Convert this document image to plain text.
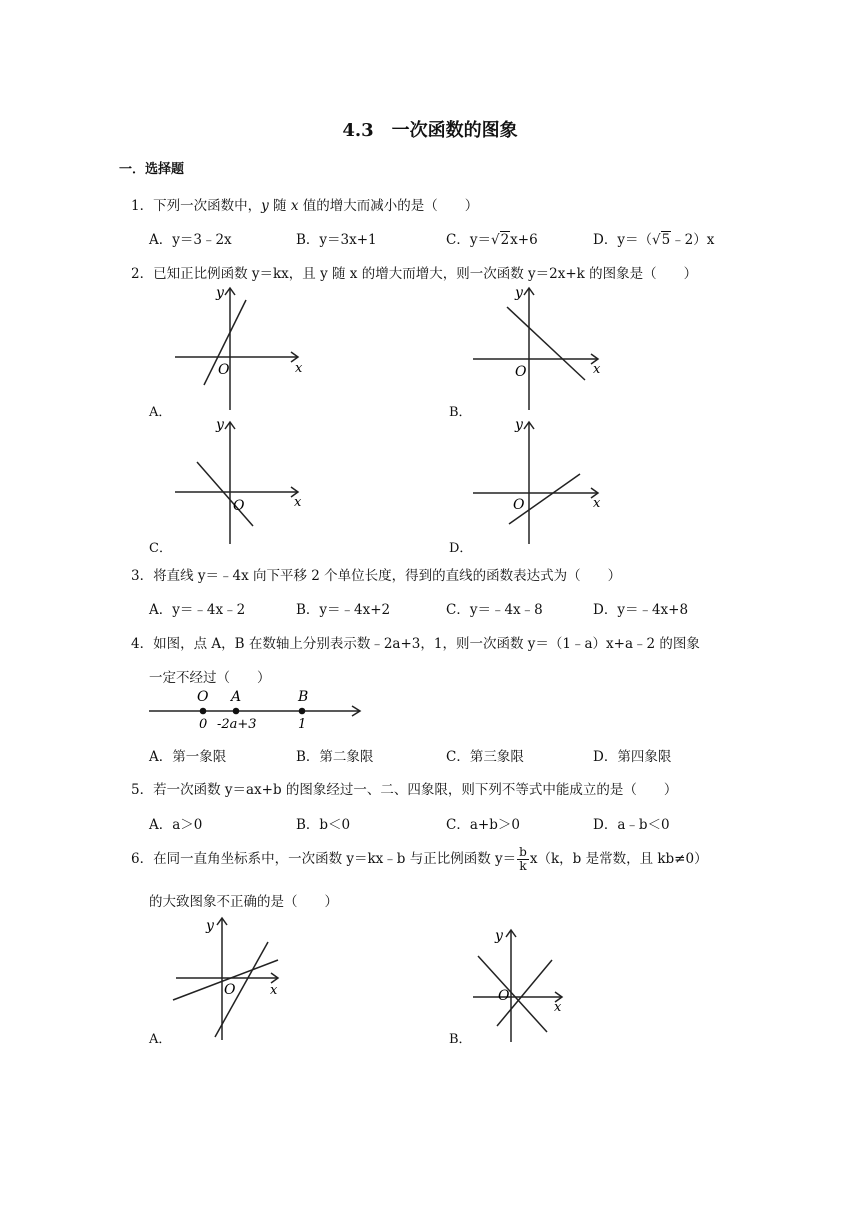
4.3　一次函数的图象
一．选择题
1．下列一次函数中，y 随 x 值的增大而减小的是（　　）
A．y＝3﹣2x	B．y＝3x+1	C．y＝√2x+6	D．y＝（√5﹣2）x
2．已知正比例函数 y＝kx，且 y 随 x 的增大而增大，则一次函数 y＝2x+k 的图象是（　　）
y
x
O
A．
y
x
O
B．
y
x
O
C．
y
x
O
D．
3．将直线 y＝﹣4x 向下平移 2 个单位长度，得到的直线的函数表达式为（　　）
A．y＝﹣4x﹣2	B．y＝﹣4x+2	C．y＝﹣4x﹣8	D．y＝﹣4x+8
4．如图，点 A，B 在数轴上分别表示数﹣2a+3，1，则一次函数 y＝（1﹣a）x+a﹣2 的图象
一定不经过（　　）
O A	B
0 -2a+3	1
A．第一象限	B．第二象限	C．第三象限	D．第四象限
5．若一次函数 y＝ax+b 的图象经过一、二、四象限，则下列不等式中能成立的是（　　）
A．a＞0	B．b＜0	C．a+b＞0	D．a﹣b＜0
6．在同一直角坐标系中，一次函数 y＝kx﹣b 与正比例函数 $y= \frac{b}{k} x(k$，b 是常数，且 kb≠0）
的大致图象不正确的是（　　）
y
x
O
A．
y
x
O
B．
